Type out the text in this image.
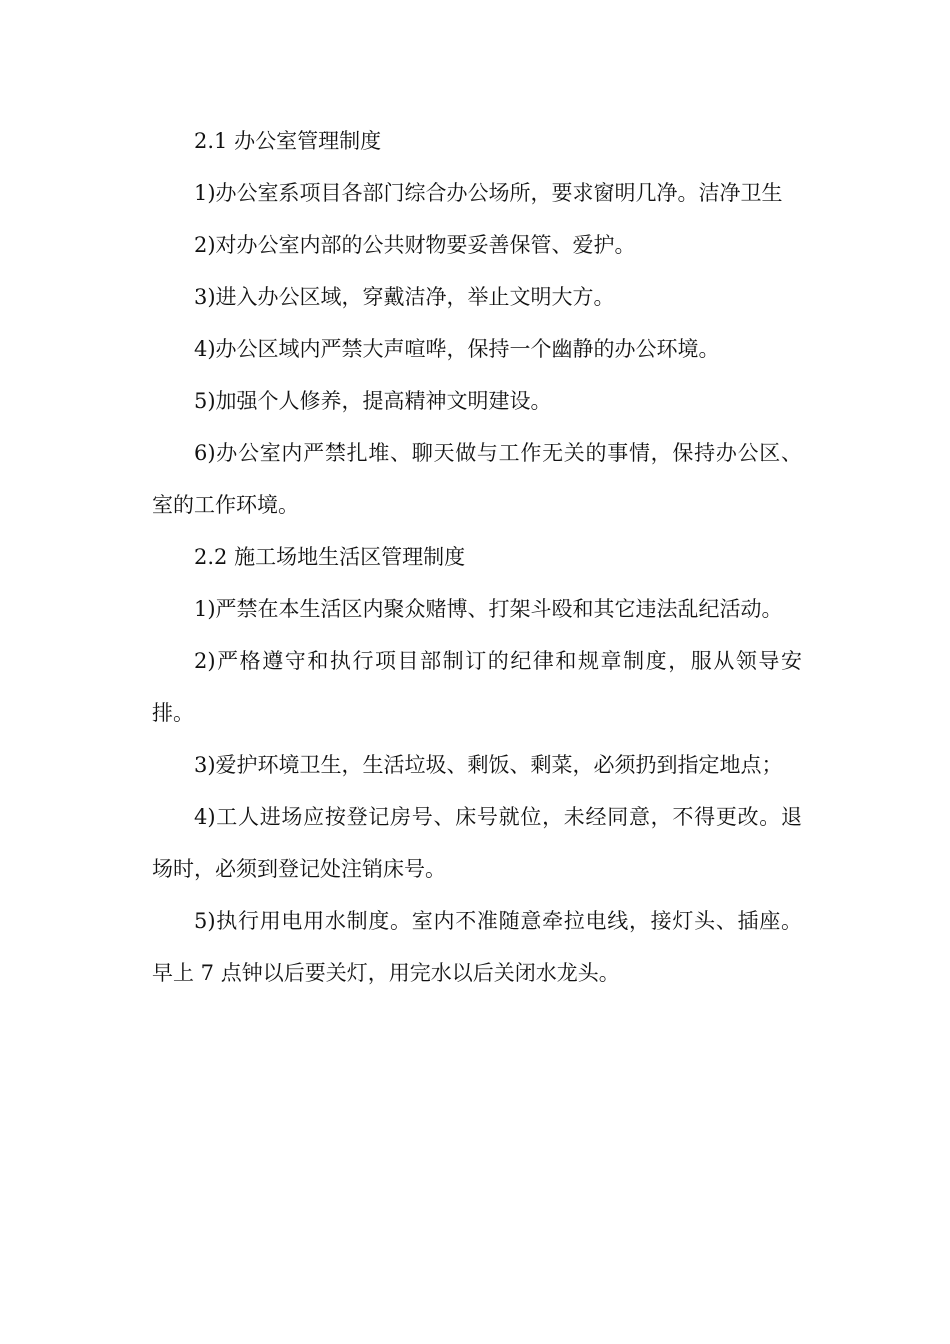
2.1 办公室管理制度

1)办公室系项目各部门综合办公场所，要求窗明几净。洁净卫生

2)对办公室内部的公共财物要妥善保管、爱护。

3)进入办公区域，穿戴洁净，举止文明大方。

4)办公区域内严禁大声喧哗，保持一个幽静的办公环境。

5)加强个人修养，提高精神文明建设。

6)办公室内严禁扎堆、聊天做与工作无关的事情，保持办公区、室的工作环境。

2.2 施工场地生活区管理制度

1)严禁在本生活区内聚众赌博、打架斗殴和其它违法乱纪活动。

2)严格遵守和执行项目部制订的纪律和规章制度，服从领导安排。

3)爱护环境卫生，生活垃圾、剩饭、剩菜，必须扔到指定地点；

4)工人进场应按登记房号、床号就位，未经同意，不得更改。退场时，必须到登记处注销床号。

5)执行用电用水制度。室内不准随意牵拉电线，接灯头、插座。早上 7 点钟以后要关灯，用完水以后关闭水龙头。
